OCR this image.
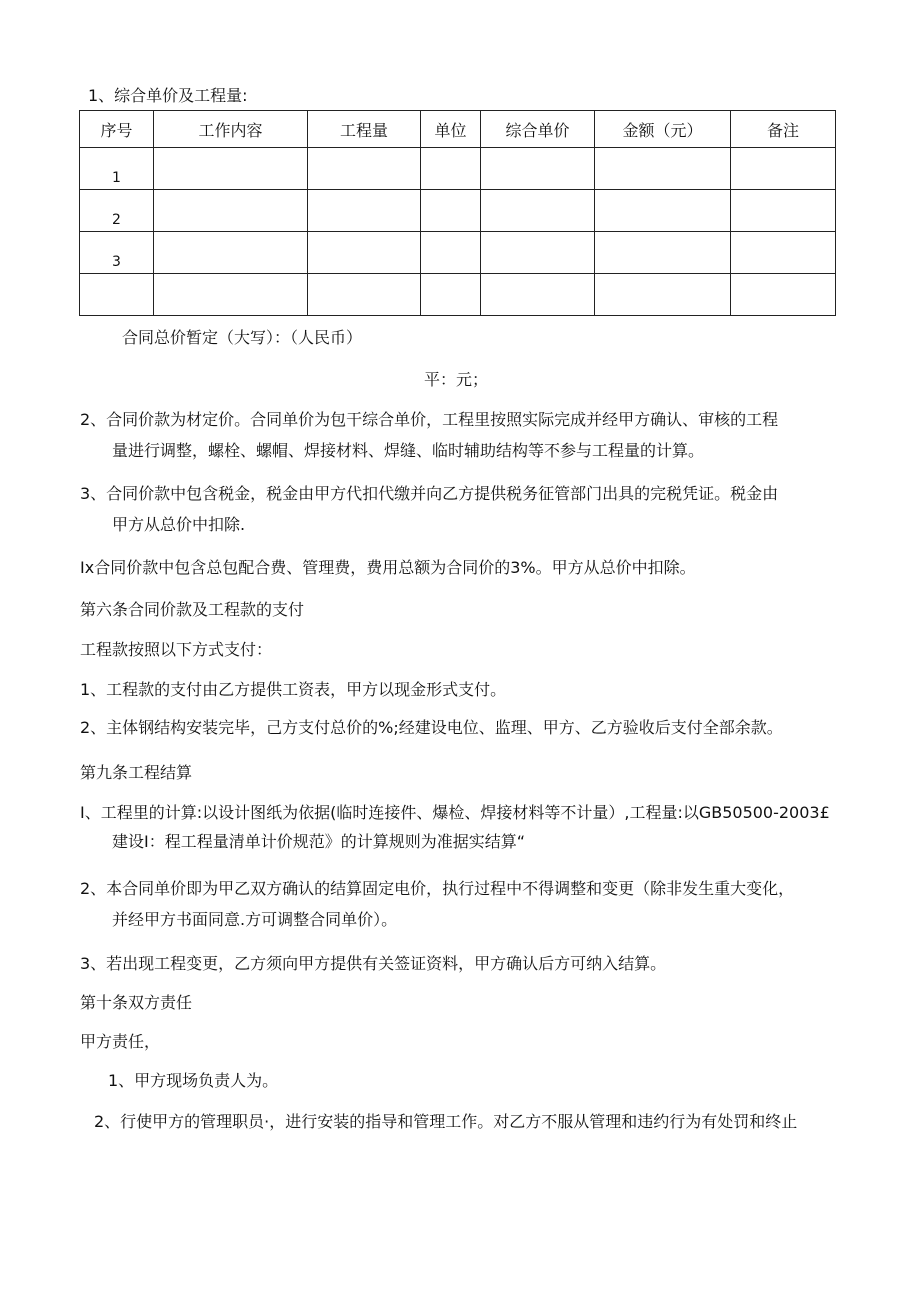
1、综合单价及工程量:
序号	工作内容	工程量	单位	综合单价	金额（元）	备注
1						
2						
3						

合同总价暂定（大写）：（人民币）
平：元；
2、合同价款为材定价。合同单价为包干综合单价，工程里按照实际完成并经甲方确认、审核的工程
量进行调整，螺栓、螺帽、焊接材料、焊缝、临时辅助结构等不参与工程量的计算。
3、合同价款中包含税金，税金由甲方代扣代缴并向乙方提供税务征管部门出具的完税凭证。税金由
甲方从总价中扣除.
Ix合同价款中包含总包配合费、管理费，费用总额为合同价的3%。甲方从总价中扣除。
第六条合同价款及工程款的支付
工程款按照以下方式支付：
1、工程款的支付由乙方提供工资表，甲方以现金形式支付。
2、主体钢结构安装完毕，己方支付总价的%;经建设电位、监理、甲方、乙方验收后支付全部余款。
第九条工程结算
I、工程里的计算:以设计图纸为依据(临时连接件、爆检、焊接材料等不计量）,工程量:以GB50500-2003£
建设I：程工程量清单计价规范》的计算规则为准据实结算“
2、本合同单价即为甲乙双方确认的结算固定电价，执行过程中不得调整和变更（除非发生重大变化，
并经甲方书面同意.方可调整合同单价）。
3、若出现工程变更，乙方须向甲方提供有关签证资料，甲方确认后方可纳入结算。
第十条双方责任
甲方责任，
1、甲方现场负责人为。
2、行使甲方的管理职员·，进行安装的指导和管理工作。对乙方不服从管理和违约行为有处罚和终止
